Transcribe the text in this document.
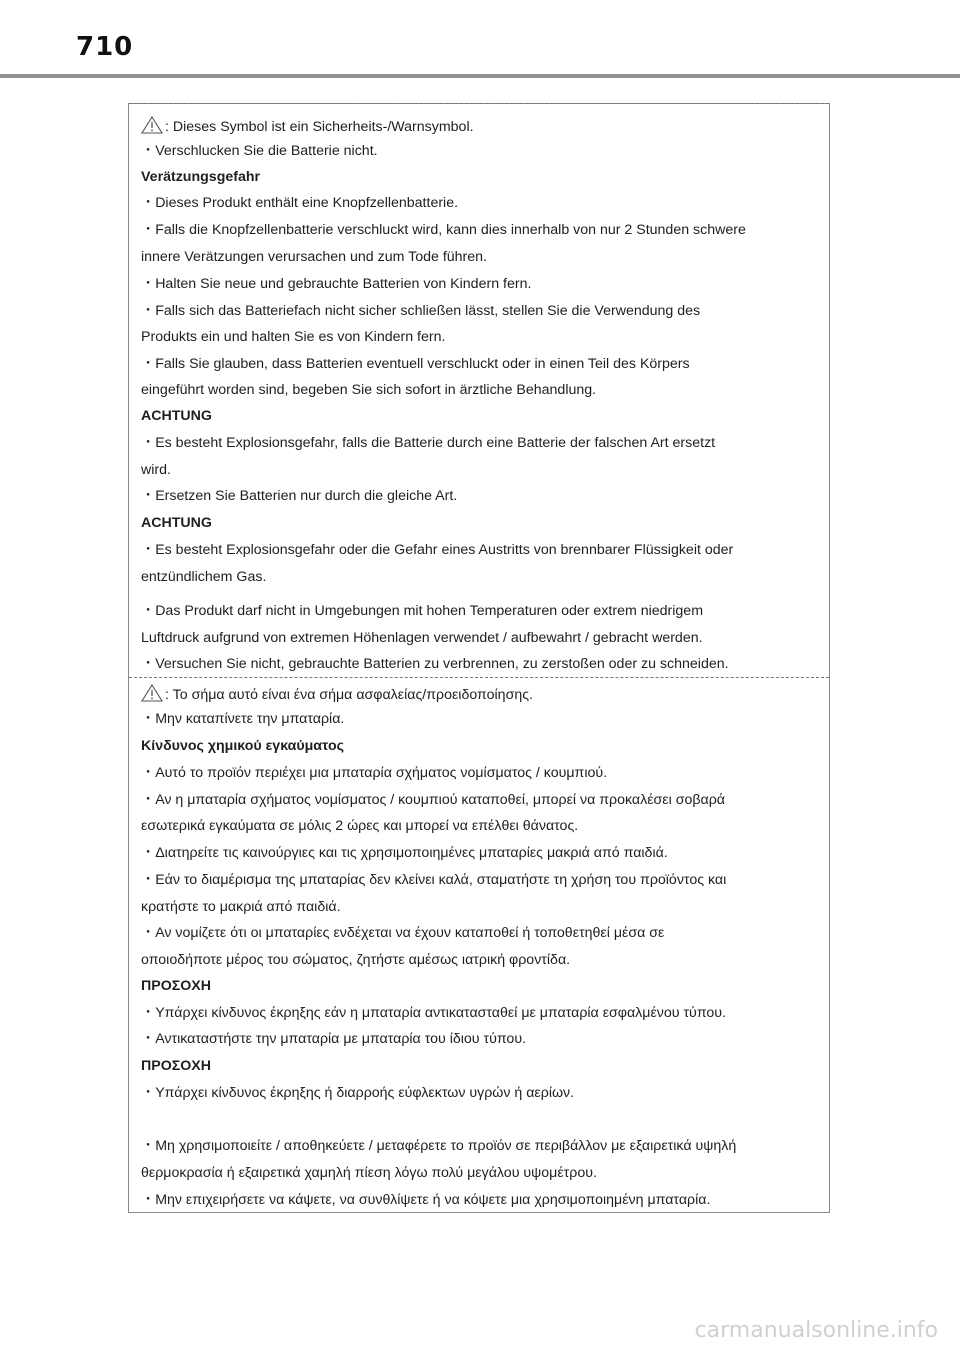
710
: Dieses Symbol ist ein Sicherheits-/Warnsymbol.
・Verschlucken Sie die Batterie nicht.
Verätzungsgefahr
・Dieses Produkt enthält eine Knopfzellenbatterie.
・Falls die Knopfzellenbatterie verschluckt wird, kann dies innerhalb von nur 2 Stunden schwere
innere Verätzungen verursachen und zum Tode führen.
・Halten Sie neue und gebrauchte Batterien von Kindern fern.
・Falls sich das Batteriefach nicht sicher schließen lässt, stellen Sie die Verwendung des
Produkts ein und halten Sie es von Kindern fern.
・Falls Sie glauben, dass Batterien eventuell verschluckt oder in einen Teil des Körpers
eingeführt worden sind, begeben Sie sich sofort in ärztliche Behandlung.
ACHTUNG
・Es besteht Explosionsgefahr, falls die Batterie durch eine Batterie der falschen Art ersetzt
wird.
・Ersetzen Sie Batterien nur durch die gleiche Art.
ACHTUNG
・Es besteht Explosionsgefahr oder die Gefahr eines Austritts von brennbarer Flüssigkeit oder
entzündlichem Gas.
・Das Produkt darf nicht in Umgebungen mit hohen Temperaturen oder extrem niedrigem
Luftdruck aufgrund von extremen Höhenlagen verwendet / aufbewahrt / gebracht werden.
・Versuchen Sie nicht, gebrauchte Batterien zu verbrennen, zu zerstoßen oder zu schneiden.
: Το σήμα αυτό είναι ένα σήμα ασφαλείας/προειδοποίησης.
・Μην καταπίνετε την μπαταρία.
Κίνδυνος χημικού εγκαύματος
・Αυτό το προϊόν περιέχει μια μπαταρία σχήματος νομίσματος / κουμπιού.
・Αν η μπαταρία σχήματος νομίσματος / κουμπιού καταποθεί, μπορεί να προκαλέσει σοβαρά
εσωτερικά εγκαύματα σε μόλις 2 ώρες και μπορεί να επέλθει θάνατος.
・Διατηρείτε τις καινούργιες και τις χρησιμοποιημένες μπαταρίες μακριά από παιδιά.
・Εάν το διαμέρισμα της μπαταρίας δεν κλείνει καλά, σταματήστε τη χρήση του προϊόντος και
κρατήστε το μακριά από παιδιά.
・Αν νομίζετε ότι οι μπαταρίες ενδέχεται να έχουν καταποθεί ή τοποθετηθεί μέσα σε
οποιοδήποτε μέρος του σώματος, ζητήστε αμέσως ιατρική φροντίδα.
ΠΡΟΣΟΧΗ
・Υπάρχει κίνδυνος έκρηξης εάν η μπαταρία αντικατασταθεί με μπαταρία εσφαλμένου τύπου.
・Αντικαταστήστε την μπαταρία με μπαταρία του ίδιου τύπου.
ΠΡΟΣΟΧΗ
・Υπάρχει κίνδυνος έκρηξης ή διαρροής εύφλεκτων υγρών ή αερίων.
・Μη χρησιμοποιείτε / αποθηκεύετε / μεταφέρετε το προϊόν σε περιβάλλον με εξαιρετικά υψηλή
θερμοκρασία ή εξαιρετικά χαμηλή πίεση λόγω πολύ μεγάλου υψομέτρου.
・Μην επιχειρήσετε να κάψετε, να συνθλίψετε ή να κόψετε μια χρησιμοποιημένη μπαταρία.
carmanualsonline.info
